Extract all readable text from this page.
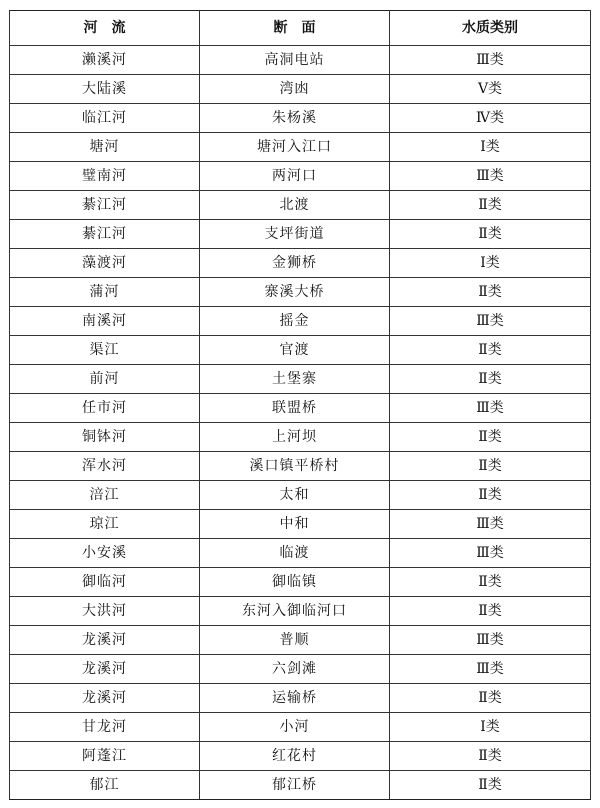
河　流	断　面	水质类别
濑溪河	高洞电站	Ⅲ类
大陆溪	湾凼	Ⅴ类
临江河	朱杨溪	Ⅳ类
塘河	塘河入江口	Ⅰ类
璧南河	两河口	Ⅲ类
綦江河	北渡	Ⅱ类
綦江河	支坪街道	Ⅱ类
藻渡河	金狮桥	Ⅰ类
蒲河	寨溪大桥	Ⅱ类
南溪河	摇金	Ⅲ类
渠江	官渡	Ⅱ类
前河	土堡寨	Ⅱ类
任市河	联盟桥	Ⅲ类
铜钵河	上河坝	Ⅱ类
浑水河	溪口镇平桥村	Ⅱ类
涪江	太和	Ⅱ类
琼江	中和	Ⅲ类
小安溪	临渡	Ⅲ类
御临河	御临镇	Ⅱ类
大洪河	东河入御临河口	Ⅱ类
龙溪河	普顺	Ⅲ类
龙溪河	六剑滩	Ⅲ类
龙溪河	运输桥	Ⅱ类
甘龙河	小河	Ⅰ类
阿蓬江	红花村	Ⅱ类
郁江	郁江桥	Ⅱ类
